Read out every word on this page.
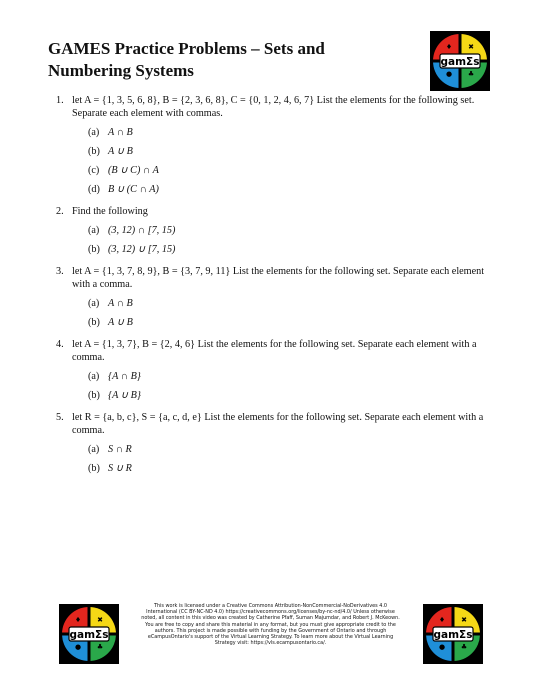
GAMES Practice Problems – Sets and Numbering Systems
♦ ✖
● ♣
gamΣs
1. let A = {1, 3, 5, 6, 8}, B = {2, 3, 6, 8}, C = {0, 1, 2, 4, 6, 7} List the elements for the following set. Separate each element with commas.
(a) A ∩ B
(b) A ∪ B
(c) (B ∪ C) ∩ A
(d) B ∪ (C ∩ A)
2. Find the following
(a) (3, 12) ∩ [7, 15)
(b) (3, 12) ∪ [7, 15)
3. let A = {1, 3, 7, 8, 9}, B = {3, 7, 9, 11} List the elements for the following set. Separate each element with a comma.
(a) A ∩ B
(b) A ∪ B
4. let A = {1, 3, 7}, B = {2, 4, 6} List the elements for the following set. Separate each element with a comma.
(a) {A ∩ B}
(b) {A ∪ B}
5. let R = {a, b, c}, S = {a, c, d, e} List the elements for the following set. Separate each element with a comma.
(a) S ∩ R
(b) S ∪ R
♦ ✖
● ♣
gamΣs
This work is licensed under a Creative Commons Attribution-NonCommercial-NoDerivatives 4.0 International (CC BY-NC-ND 4.0) https://creativecommons.org/licenses/by-nc-nd/4.0/ Unless otherwise noted, all content in this video was created by Catherine Pfaff, Suman Majumdar, and Robert J. McKeown. You are free to copy and share this material in any format, but you must give appropriate credit to the authors. This project is made possible with funding by the Government of Ontario and through eCampusOntario's support of the Virtual Learning Strategy. To learn more about the Virtual Learning Strategy visit: https://vls.ecampusontario.ca/.
♦ ✖
● ♣
gamΣs
